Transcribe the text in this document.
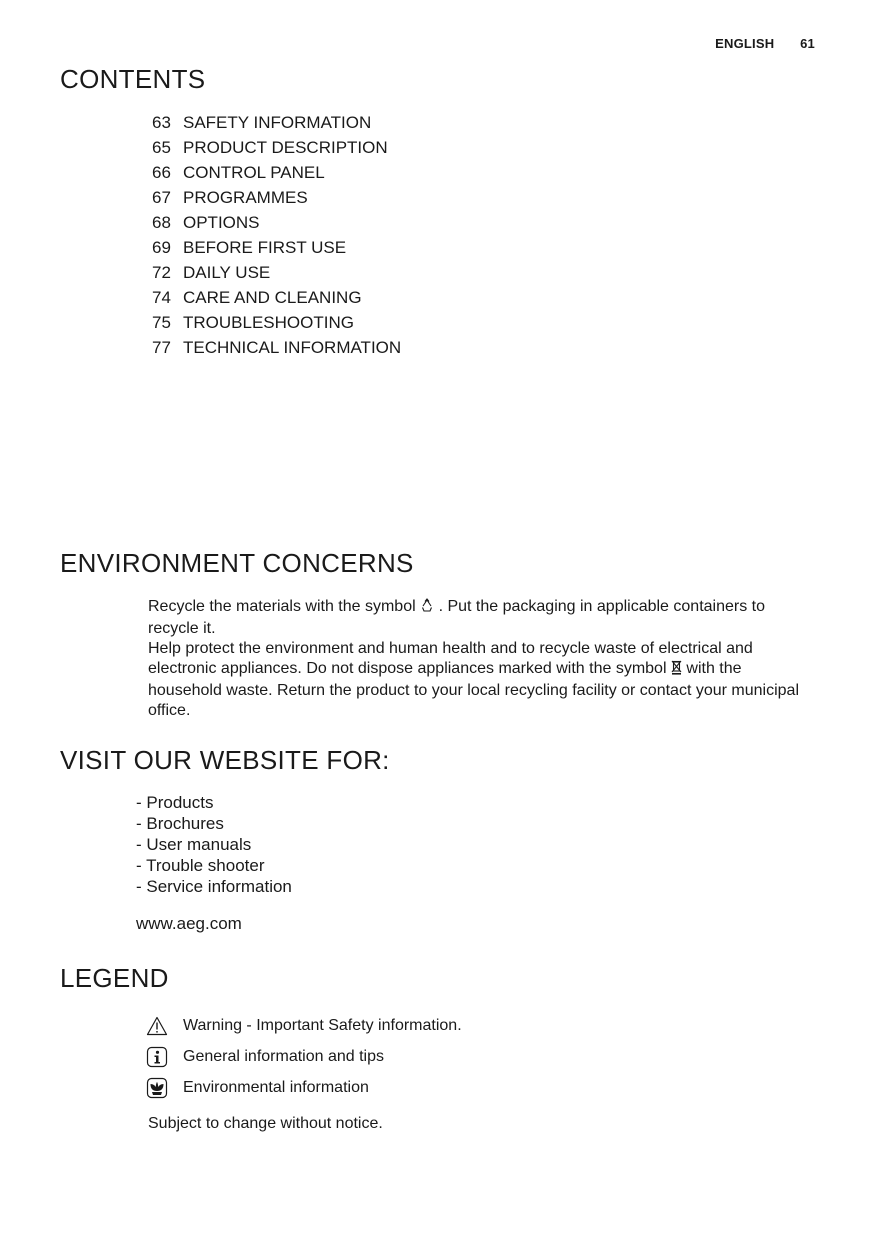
ENGLISH 61
CONTENTS
63 SAFETY INFORMATION
65 PRODUCT DESCRIPTION
66 CONTROL PANEL
67 PROGRAMMES
68 OPTIONS
69 BEFORE FIRST USE
72 DAILY USE
74 CARE AND CLEANING
75 TROUBLESHOOTING
77 TECHNICAL INFORMATION
ENVIRONMENT CONCERNS

Recycle the materials with the symbol . Put the packaging in applicable containers to recycle it.
Help protect the environment and human health and to recycle waste of electrical and electronic appliances. Do not dispose appliances marked with the symbol with the household waste. Return the product to your local recycling facility or contact your municipal office.

VISIT OUR WEBSITE FOR:
- Products
- Brochures
- User manuals
- Trouble shooter
- Service information

www.aeg.com

LEGEND
Warning - Important Safety information.
General information and tips
Environmental information

Subject to change without notice.
